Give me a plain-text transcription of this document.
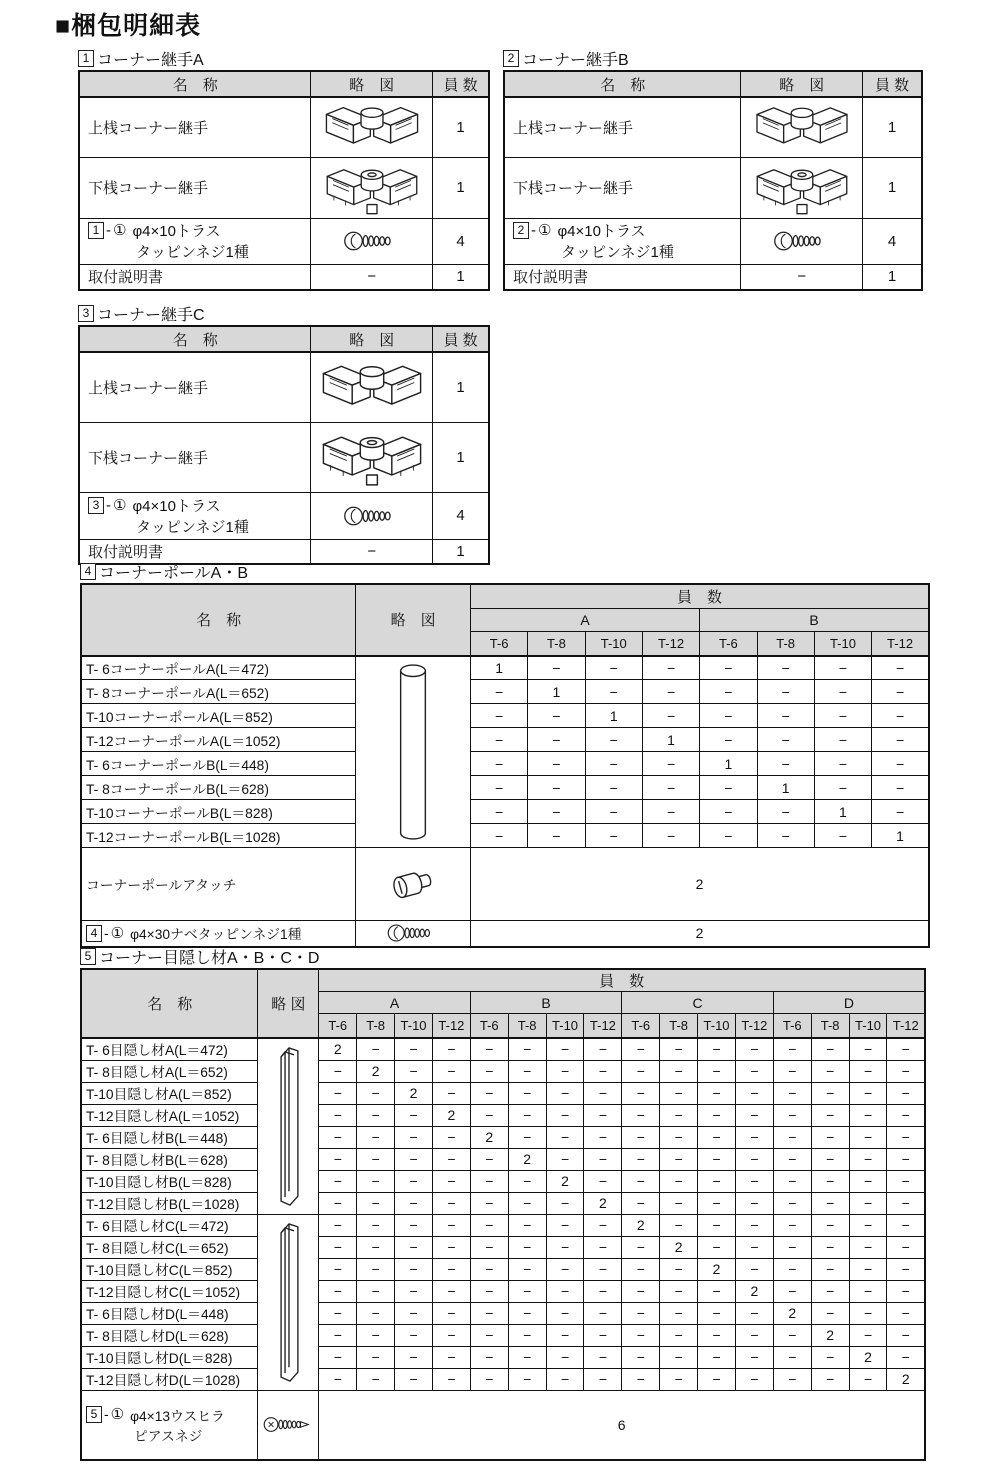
■梱包明細表
1 コーナー継手A
名　称	略　図	員 数
上桟コーナー継手		1
下桟コーナー継手		1

1 - ① φ4×10トラス
タッピンネジ1種		4
取付説明書	−	1
2 コーナー継手B
名　称	略　図	員 数
上桟コーナー継手		1
下桟コーナー継手		1

2 - ① φ4×10トラス
タッピンネジ1種		4
取付説明書	−	1
3 コーナー継手C
名　称	略　図	員 数
上桟コーナー継手		1
下桟コーナー継手		1

3 - ① φ4×10トラス
タッピンネジ1種		4
取付説明書	−	1
4 コーナーポールA・B
名　称	略　図	員　数							
		A				B			
		T-6	T-8	T-10	T-12	T-6	T-8	T-10	T-12
T- 6コーナーポールA(L＝472)		1	−	−	−	−	−	−	−
T- 8コーナーポールA(L＝652)		−	1	−	−	−	−	−	−
T-10コーナーポールA(L＝852)		−	−	1	−	−	−	−	−
T-12コーナーポールA(L＝1052)		−	−	−	1	−	−	−	−
T- 6コーナーポールB(L＝448)		−	−	−	−	1	−	−	−
T- 8コーナーポールB(L＝628)		−	−	−	−	−	1	−	−
T-10コーナーポールB(L＝828)		−	−	−	−	−	−	1	−
T-12コーナーポールB(L＝1028)		−	−	−	−	−	−	−	1
コーナーポールアタッチ		2							

4 - ① φ4×30ナベタッピンネジ1種		2							
5 コーナー目隠し材A・B・C・D
名　称	略 図	員　数															
		A				B				C				D			
		T-6	T-8	T-10	T-12	T-6	T-8	T-10	T-12	T-6	T-8	T-10	T-12	T-6	T-8	T-10	T-12
T- 6目隠し材A(L＝472)		2	−	−	−	−	−	−	−	−	−	−	−	−	−	−	−
T- 8目隠し材A(L＝652)		−	2	−	−	−	−	−	−	−	−	−	−	−	−	−	−
T-10目隠し材A(L＝852)		−	−	2	−	−	−	−	−	−	−	−	−	−	−	−	−
T-12目隠し材A(L＝1052)		−	−	−	2	−	−	−	−	−	−	−	−	−	−	−	−
T- 6目隠し材B(L＝448)		−	−	−	−	2	−	−	−	−	−	−	−	−	−	−	−
T- 8目隠し材B(L＝628)		−	−	−	−	−	2	−	−	−	−	−	−	−	−	−	−
T-10目隠し材B(L＝828)		−	−	−	−	−	−	2	−	−	−	−	−	−	−	−	−
T-12目隠し材B(L＝1028)		−	−	−	−	−	−	−	2	−	−	−	−	−	−	−	−
T- 6目隠し材C(L＝472)		−	−	−	−	−	−	−	−	2	−	−	−	−	−	−	−
T- 8目隠し材C(L＝652)		−	−	−	−	−	−	−	−	−	2	−	−	−	−	−	−
T-10目隠し材C(L＝852)		−	−	−	−	−	−	−	−	−	−	2	−	−	−	−	−
T-12目隠し材C(L＝1052)		−	−	−	−	−	−	−	−	−	−	−	2	−	−	−	−
T- 6目隠し材D(L＝448)		−	−	−	−	−	−	−	−	−	−	−	−	2	−	−	−
T- 8目隠し材D(L＝628)		−	−	−	−	−	−	−	−	−	−	−	−	−	2	−	−
T-10目隠し材D(L＝828)		−	−	−	−	−	−	−	−	−	−	−	−	−	−	2	−
T-12目隠し材D(L＝1028)		−	−	−	−	−	−	−	−	−	−	−	−	−	−	−	2

5 - ① φ4×13ウスヒラ
ピアスネジ		6															
